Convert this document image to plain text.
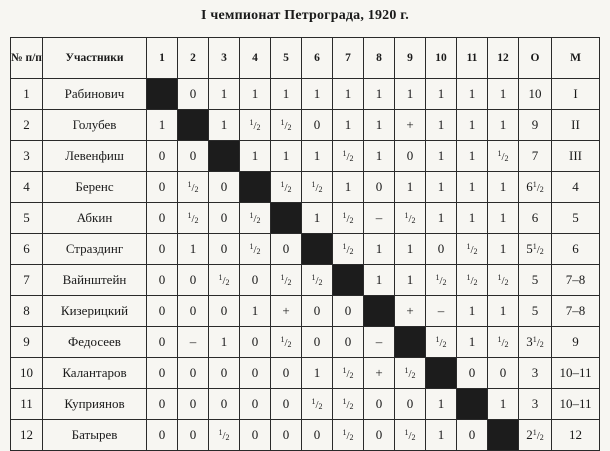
I чемпионат Петрограда, 1920 г.
№ п/п	Участники	1	2	3	4	5	6	7	8	9	10	11	12	О	М
1	Рабинович		0	1	1	1	1	1	1	1	1	1	1	10	I
2	Голубев	1		1	$^1/_2$	$^1/_2$	0	1	1	+	1	1	1	9	II
3	Левенфиш	0	0		1	1	1	$^1/_2$	1	0	1	1	$^1/_2$	7	III
4	Беренс	0	$^1/_2$	0		$^1/_2$	$^1/_2$	1	0	1	1	1	1	$6^1/_2$	4
5	Абкин	0	$^1/_2$	0	$^1/_2$		1	$^1/_2$	–	$^1/_2$	1	1	1	6	5
6	Страздинг	0	1	0	$^1/_2$	0		$^1/_2$	1	1	0	$^1/_2$	1	$5^1/_2$	6
7	Вайнштейн	0	0	$^1/_2$	0	$^1/_2$	$^1/_2$		1	1	$^1/_2$	$^1/_2$	$^1/_2$	5	7–8
8	Кизерицкий	0	0	0	1	+	0	0		+	–	1	1	5	7–8
9	Федосеев	0	–	1	0	$^1/_2$	0	0	–		$^1/_2$	1	$^1/_2$	$3^1/_2$	9
10	Калантаров	0	0	0	0	0	1	$^1/_2$	+	$^1/_2$		0	0	3	10–11
11	Куприянов	0	0	0	0	0	$^1/_2$	$^1/_2$	0	0	1		1	3	10–11
12	Батырев	0	0	$^1/_2$	0	0	0	$^1/_2$	0	$^1/_2$	1	0		$2^1/_2$	12
